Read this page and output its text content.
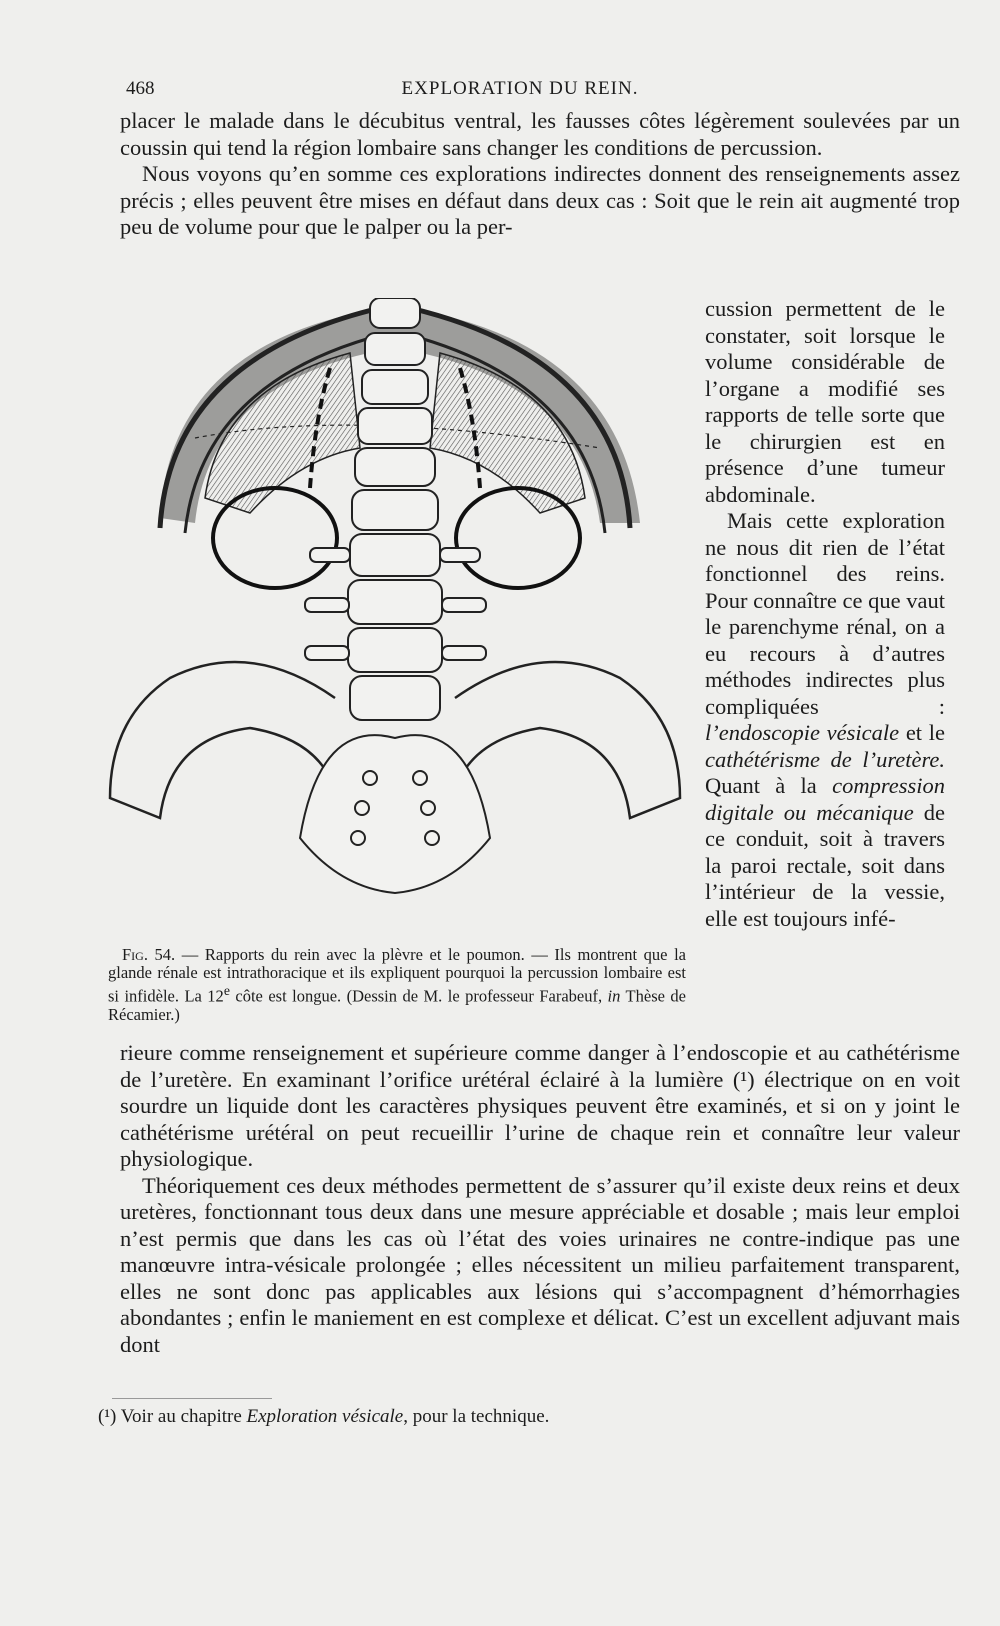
468	EXPLORATION DU REIN.

placer le malade dans le décubitus ventral, les fausses côtes légèrement soulevées par un coussin qui tend la région lombaire sans changer les conditions de percussion.

Nous voyons qu’en somme ces explorations indirectes donnent des renseignements assez précis ; elles peuvent être mises en défaut dans deux cas : Soit que le rein ait augmenté trop peu de volume pour que le palper ou la per-

cussion permettent de le constater, soit lorsque le volume considérable de l’organe a modifié ses rapports de telle sorte que le chirurgien est en présence d’une tumeur abdominale.
Mais cette exploration ne nous dit rien de l’état fonctionnel des reins. Pour connaître ce que vaut le parenchyme rénal, on a eu recours à d’autres méthodes indirectes plus compliquées : l’endoscopie vésicale et le cathétérisme de l’uretère. Quant à la compression digitale ou mécanique de ce conduit, soit à travers la paroi rectale, soit dans l’intérieur de la vessie, elle est toujours infé-

Fig. 54. — Rapports du rein avec la plèvre et le poumon. — Ils montrent que la glande rénale est intrathoracique et ils expliquent pourquoi la percussion lombaire est si infidèle. La 12e côte est longue. (Dessin de M. le professeur Farabeuf, in Thèse de Récamier.)

rieure comme renseignement et supérieure comme danger à l’endoscopie et au cathétérisme de l’uretère. En examinant l’orifice urétéral éclairé à la lumière (¹) électrique on en voit sourdre un liquide dont les caractères physiques peuvent être examinés, et si on y joint le cathétérisme urétéral on peut recueillir l’urine de chaque rein et connaître leur valeur physiologique.

Théoriquement ces deux méthodes permettent de s’assurer qu’il existe deux reins et deux uretères, fonctionnant tous deux dans une mesure appréciable et dosable ; mais leur emploi n’est permis que dans les cas où l’état des voies urinaires ne contre-indique pas une manœuvre intra-vésicale prolongée ; elles nécessitent un milieu parfaitement transparent, elles ne sont donc pas applicables aux lésions qui s’accompagnent d’hémorrhagies abondantes ; enfin le maniement en est complexe et délicat. C’est un excellent adjuvant mais dont

(¹) Voir au chapitre Exploration vésicale, pour la technique.
